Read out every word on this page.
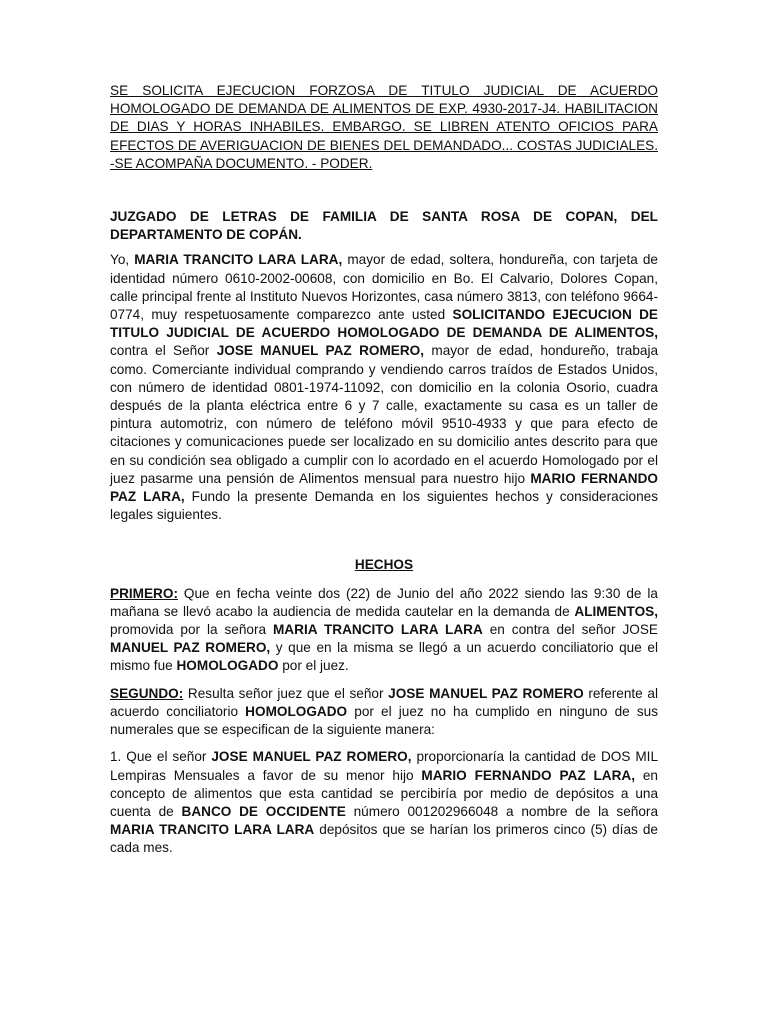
SE SOLICITA EJECUCION FORZOSA DE TITULO JUDICIAL DE ACUERDO HOMOLOGADO DE DEMANDA DE ALIMENTOS DE EXP. 4930-2017-J4. HABILITACION DE DIAS Y HORAS INHABILES. EMBARGO. SE LIBREN ATENTO OFICIOS PARA EFECTOS DE AVERIGUACION DE BIENES DEL DEMANDADO... COSTAS JUDICIALES. -SE ACOMPAÑA DOCUMENTO. - PODER.

JUZGADO DE LETRAS DE FAMILIA DE SANTA ROSA DE COPAN, DEL DEPARTAMENTO DE COPÁN.

Yo, MARIA TRANCITO LARA LARA, mayor de edad, soltera, hondureña, con tarjeta de identidad número 0610-2002-00608, con domicilio en Bo. El Calvario, Dolores Copan, calle principal frente al Instituto Nuevos Horizontes, casa número 3813, con teléfono 9664-0774, muy respetuosamente comparezco ante usted SOLICITANDO EJECUCION DE TITULO JUDICIAL DE ACUERDO HOMOLOGADO DE DEMANDA DE ALIMENTOS, contra el Señor JOSE MANUEL PAZ ROMERO, mayor de edad, hondureño, trabaja como. Comerciante individual comprando y vendiendo carros traídos de Estados Unidos, con número de identidad 0801-1974-11092, con domicilio en la colonia Osorio, cuadra después de la planta eléctrica entre 6 y 7 calle, exactamente su casa es un taller de pintura automotriz, con número de teléfono móvil 9510-4933 y que para efecto de citaciones y comunicaciones puede ser localizado en su domicilio antes descrito para que en su condición sea obligado a cumplir con lo acordado en el acuerdo Homologado por el juez pasarme una pensión de Alimentos mensual para nuestro hijo MARIO FERNANDO PAZ LARA, Fundo la presente Demanda en los siguientes hechos y consideraciones legales siguientes.

HECHOS

PRIMERO: Que en fecha veinte dos (22) de Junio del año 2022 siendo las 9:30 de la mañana se llevó acabo la audiencia de medida cautelar en la demanda de ALIMENTOS, promovida por la señora MARIA TRANCITO LARA LARA en contra del señor JOSE MANUEL PAZ ROMERO, y que en la misma se llegó a un acuerdo conciliatorio que el mismo fue HOMOLOGADO por el juez.

SEGUNDO: Resulta señor juez que el señor JOSE MANUEL PAZ ROMERO referente al acuerdo conciliatorio HOMOLOGADO por el juez no ha cumplido en ninguno de sus numerales que se especifican de la siguiente manera:

1. Que el señor JOSE MANUEL PAZ ROMERO, proporcionaría la cantidad de DOS MIL Lempiras Mensuales a favor de su menor hijo MARIO FERNANDO PAZ LARA, en concepto de alimentos que esta cantidad se percibiría por medio de depósitos a una cuenta de BANCO DE OCCIDENTE número 001202966048 a nombre de la señora MARIA TRANCITO LARA LARA depósitos que se harían los primeros cinco (5) días de cada mes.
